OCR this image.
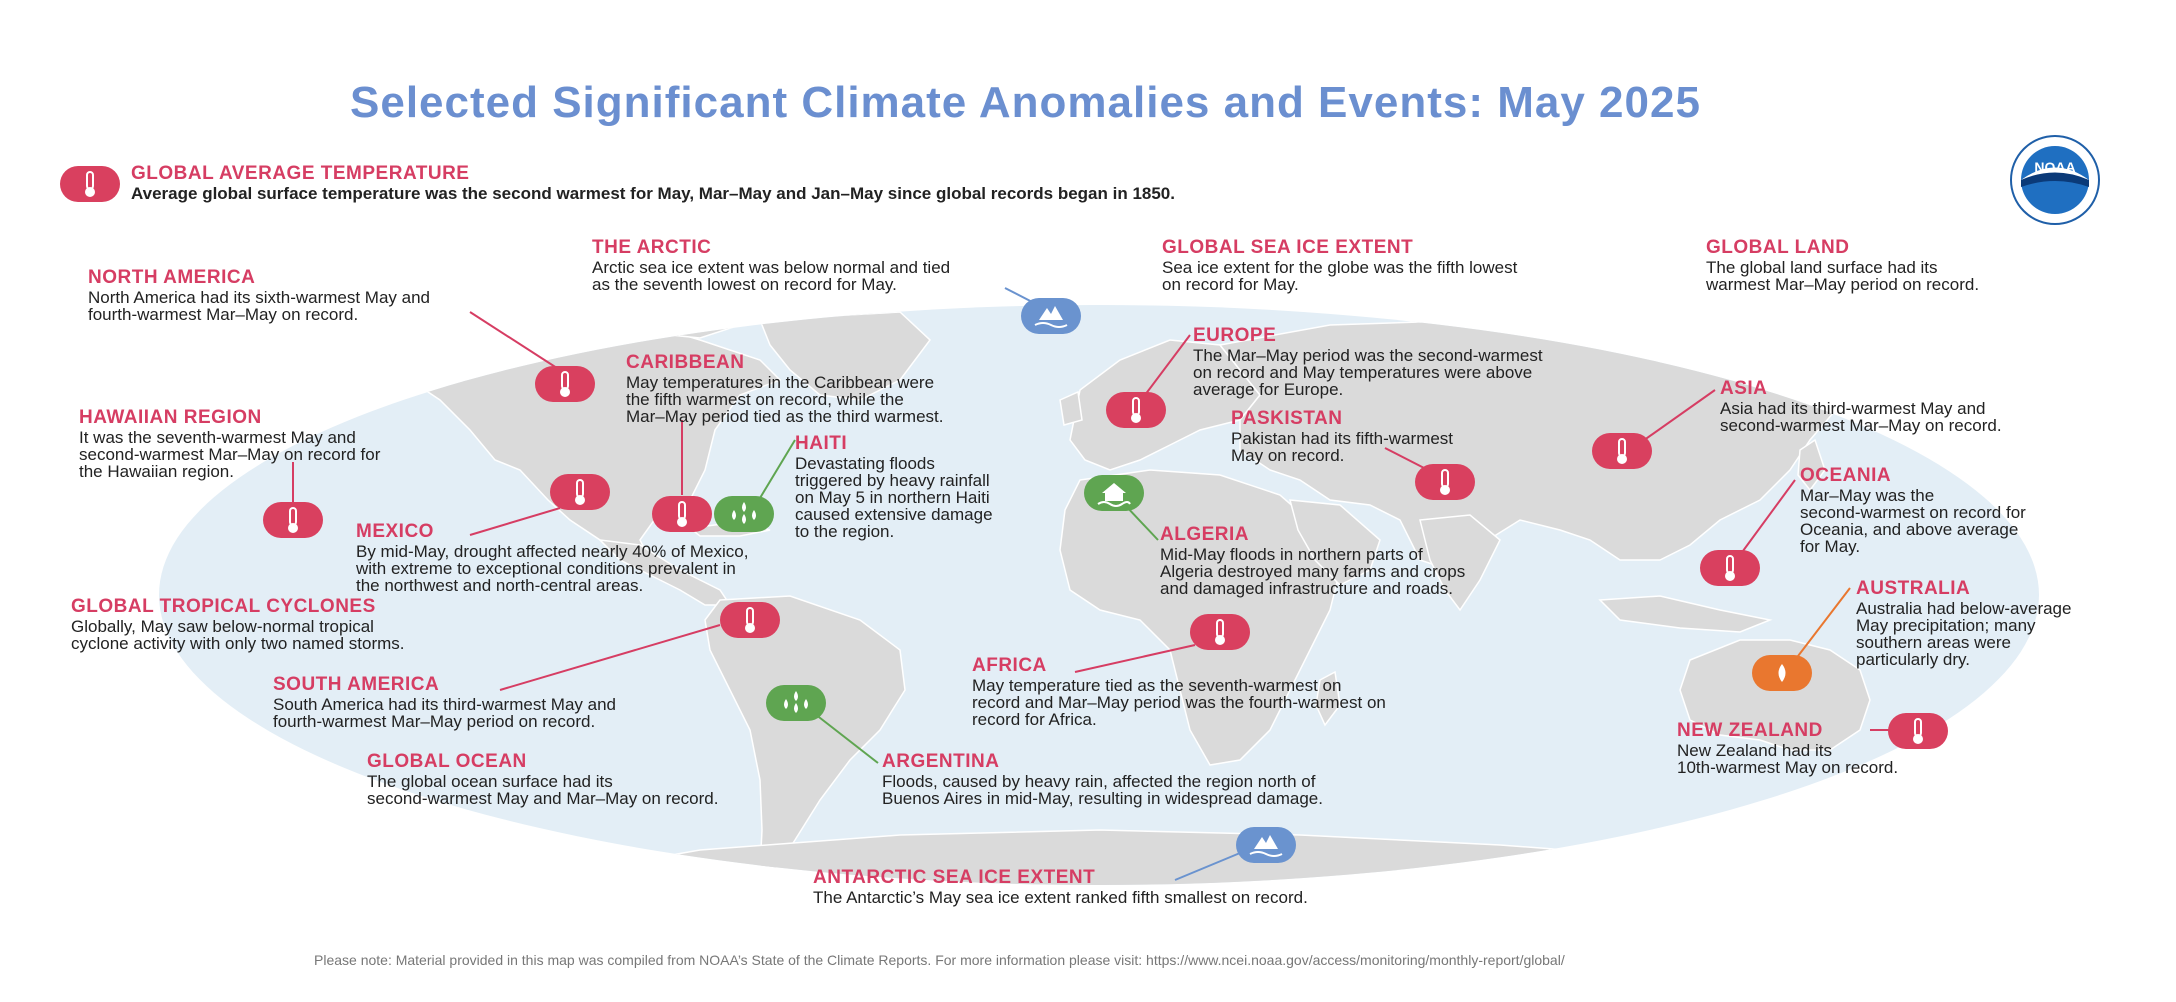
Selected Significant Climate Anomalies and Events: May 2025
NOAA
GLOBAL AVERAGE TEMPERATURE
Average global surface temperature was the second warmest for May, Mar–May and Jan–May since global records began in 1850.
THE ARCTIC
Arctic sea ice extent was below normal and tied
as the seventh lowest on record for May.
GLOBAL SEA ICE EXTENT
Sea ice extent for the globe was the fifth lowest
on record for May.
GLOBAL LAND
The global land surface had its
warmest Mar–May period on record.
NORTH AMERICA
North America had its sixth-warmest May and
fourth-warmest Mar–May on record.
CARIBBEAN
May temperatures in the Caribbean were
the fifth warmest on record, while the
Mar–May period tied as the third warmest.
EUROPE
The Mar–May period was the second-warmest
on record and May temperatures were above
average for Europe.
HAWAIIAN REGION
It was the seventh-warmest May and
second-warmest Mar–May on record for
the Hawaiian region.
HAITI
Devastating floods
triggered by heavy rainfall
on May 5 in northern Haiti
caused extensive damage
to the region.
PASKISTAN
Pakistan had its fifth-warmest
May on record.
ASIA
Asia had its third-warmest May and
second-warmest Mar–May on record.
OCEANIA
Mar–May was the
second-warmest on record for
Oceania, and above average
for May.
MEXICO
By mid-May, drought affected nearly 40% of Mexico,
with extreme to exceptional conditions prevalent in
the northwest and north-central areas.
ALGERIA
Mid-May floods in northern parts of
Algeria destroyed many farms and crops
and damaged infrastructure and roads.
GLOBAL TROPICAL CYCLONES
Globally, May saw below-normal tropical
cyclone activity with only two named storms.
AUSTRALIA
Australia had below-average
May precipitation; many
southern areas were
particularly dry.
SOUTH AMERICA
South America had its third-warmest May and
fourth-warmest Mar–May period on record.
AFRICA
May temperature tied as the seventh-warmest on
record and Mar–May period was the fourth-warmest on
record for Africa.
NEW ZEALAND
New Zealand had its
10th-warmest May on record.
GLOBAL OCEAN
The global ocean surface had its
second-warmest May and Mar–May on record.
ARGENTINA
Floods, caused by heavy rain, affected the region north of
Buenos Aires in mid-May, resulting in widespread damage.
ANTARCTIC SEA ICE EXTENT
The Antarctic’s May sea ice extent ranked fifth smallest on record.
Please note: Material provided in this map was compiled from NOAA’s State of the Climate Reports. For more information please visit: https://www.ncei.noaa.gov/access/monitoring/monthly-report/global/
